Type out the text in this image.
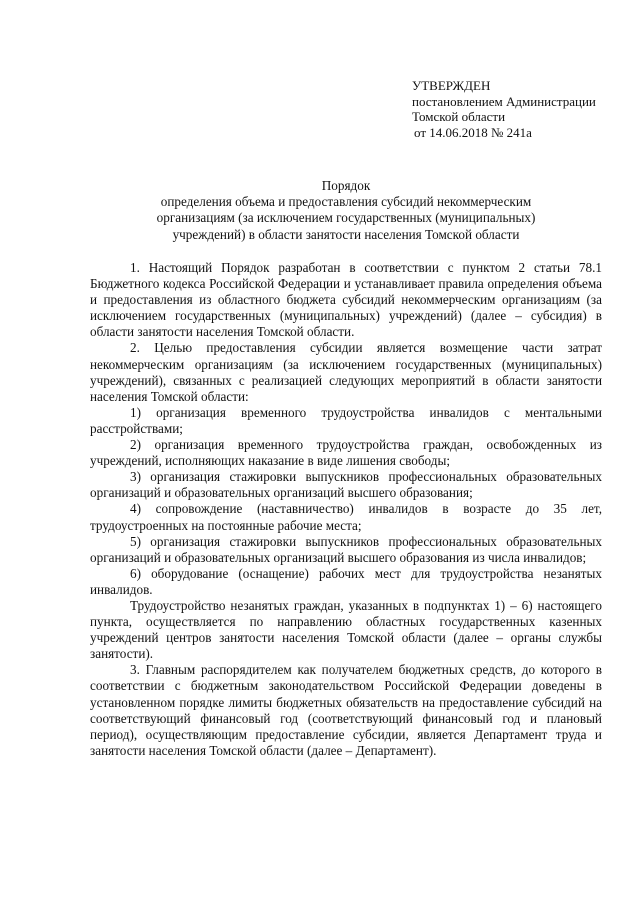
УТВЕРЖДЕН
постановлением Администрации
Томской области
от 14.06.2018 № 241а
Порядок
определения объема и предоставления субсидий некоммерческим
организациям (за исключением государственных (муниципальных)
учреждений) в области занятости населения Томской области

1. Настоящий Порядок разработан в соответствии с пунктом 2 статьи 78.1 Бюджетного кодекса Российской Федерации и устанавливает правила определения объема и предоставления из областного бюджета субсидий некоммерческим организациям (за исключением государственных (муниципальных) учреждений) (далее – субсидия) в области занятости населения Томской области.

2. Целью предоставления субсидии является возмещение части затрат некоммерческим организациям (за исключением государственных (муниципальных) учреждений), связанных с реализацией следующих мероприятий в области занятости населения Томской области:

1) организация временного трудоустройства инвалидов с ментальными расстройствами;

2) организация временного трудоустройства граждан, освобожденных из учреждений, исполняющих наказание в виде лишения свободы;

3) организация стажировки выпускников профессиональных образовательных организаций и образовательных организаций высшего образования;

4) сопровождение (наставничество) инвалидов в возрасте до 35 лет, трудоустроенных на постоянные рабочие места;

5) организация стажировки выпускников профессиональных образовательных организаций и образовательных организаций высшего образования из числа инвалидов;

6) оборудование (оснащение) рабочих мест для трудоустройства незанятых инвалидов.

Трудоустройство незанятых граждан, указанных в подпунктах 1) – 6) настоящего пункта, осуществляется по направлению областных государственных казенных учреждений центров занятости населения Томской области (далее – органы службы занятости).

3. Главным распорядителем как получателем бюджетных средств, до которого в соответствии с бюджетным законодательством Российской Федерации доведены в установленном порядке лимиты бюджетных обязательств на предоставление субсидий на соответствующий финансовый год (соответствующий финансовый год и плановый период), осуществляющим предоставление субсидии, является Департамент труда и занятости населения Томской области (далее – Департамент).
